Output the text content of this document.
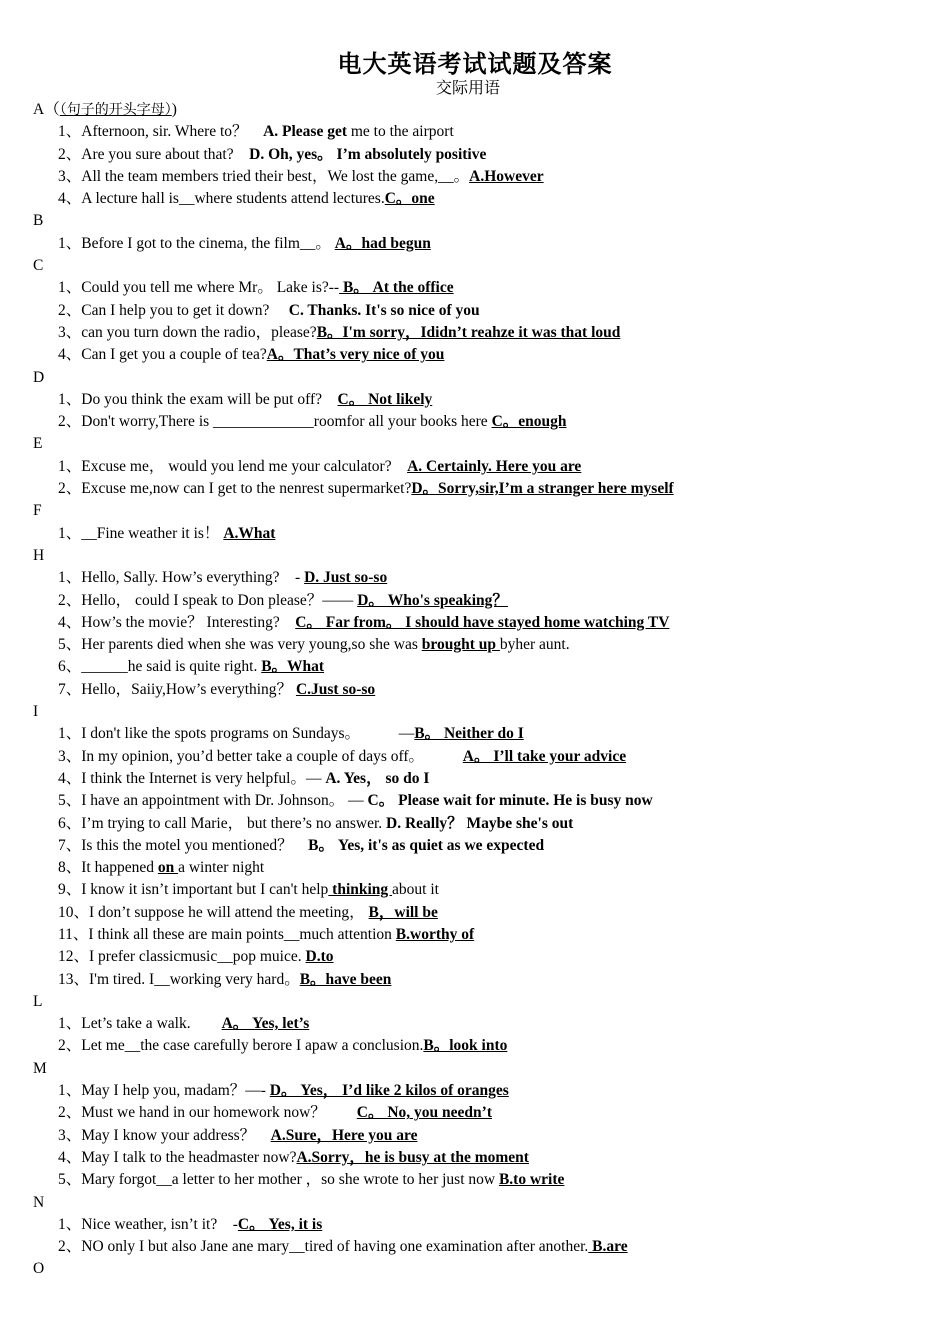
电大英语考试试题及答案
交际用语
A（（句子的开头字母）)
1、Afternoon, sir. Where to？　A. Please get me to the airport
2、Are you sure about that?　D. Oh, yes。 I’m absolutely positive
3、All the team members tried their best，We lost the game,__。A.However
4、A lecture hall is__where students attend lectures.C。one
B
1、Before I got to the cinema, the film__。 A。had begun
C
1、Could you tell me where Mr。 Lake is?-- B。 At the office
2、Can I help you to get it down?　 C. Thanks. It's so nice of you
3、can you turn down the radio，please?B。I'm sorry，Ididn’t reahze it was that loud
4、Can I get you a couple of tea?A。That’s very nice of you
D
1、Do you think the exam will be put off?　C。 Not likely
2、Don't worry,There is _____________roomfor all your books here C。enough
E
1、Excuse me， would you lend me your calculator?　A. Certainly. Here you are
2、Excuse me,now can I get to the nenrest supermarket?D。Sorry,sir,I’m a stranger here myself
F
1、__Fine weather it is！ A.What
H
1、Hello, Sally. How’s everything?　- D. Just so-so
2、Hello， could I speak to Don please？—— D。 Who's speaking？
4、How’s the movie？ Interesting?　C。 Far from。 I should have stayed home watching TV
5、Her parents died when she was very young,so she was brought up byher aunt.
6、______he said is quite right. B。What
7、Hello，Saiiy,How’s everything？ C.Just so-so
I
1、I don't like the spots programs on Sundays。　　　—B。 Neither do I
3、In my opinion, you’d better take a couple of days off。　　　A。 I’ll take your advice
4、I think the Internet is very helpful。— A. Yes， so do I
5、I have an appointment with Dr. Johnson。 — C。 Please wait for minute. He is busy now
6、I’m trying to call Marie， but there’s no answer. D. Really？ Maybe she's out
7、Is this the motel you mentioned？　B。 Yes, it's as quiet as we expected
8、It happened on a winter night
9、I know it isn’t important but I can't help thinking about it
10、I don’t suppose he will attend the meeting， B，will be
11、I think all these are main points__much attention B.worthy of
12、I prefer classicmusic__pop muice. D.to
13、I'm tired. I__working very hard。B。have been
L
1、Let’s take a walk.　　A。 Yes, let’s
2、Let me__the case carefully berore I apaw a conclusion.B。look into
M
1、May I help you, madam？—- D。 Yes， I’d like 2 kilos of oranges
2、Must we hand in our homework now？　　C。 No, you needn’t
3、May I know your address？　A.Sure，Here you are
4、May I talk to the headmaster now?A.Sorry，he is busy at the moment
5、Mary forgot__a letter to her mother ，so she wrote to her just now B.to write
N
1、Nice weather, isn’t it?　-C。 Yes, it is
2、NO only I but also Jane ane mary__tired of having one examination after another. B.are
O
